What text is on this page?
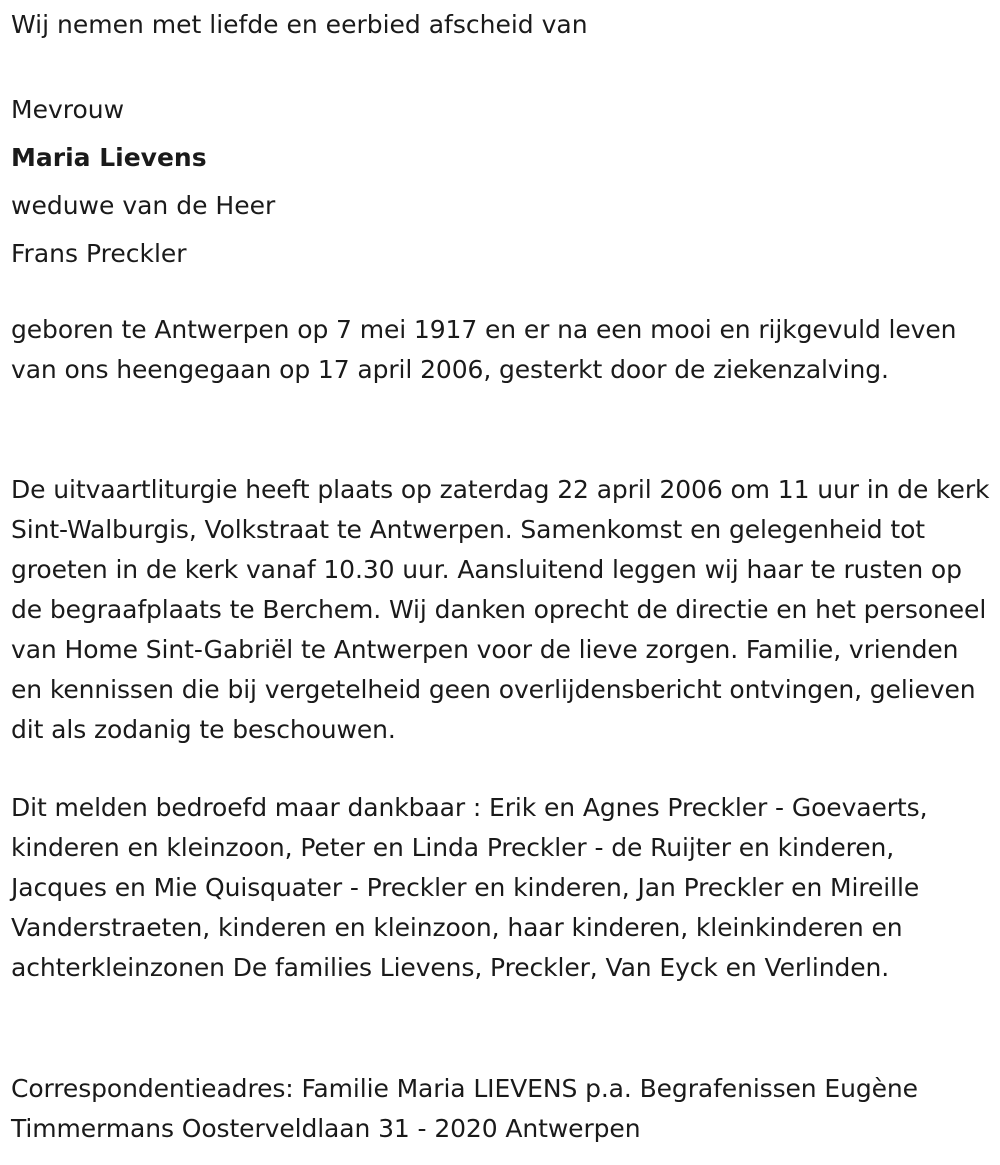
Wij nemen met liefde en eerbied afscheid van

Mevrouw

Maria Lievens

weduwe van de Heer

Frans Preckler

geboren te Antwerpen op 7 mei 1917 en er na een mooi en rijkgevuld leven van ons heengegaan op 17 april 2006, gesterkt door de ziekenzalving.

De uitvaartliturgie heeft plaats op zaterdag 22 april 2006 om 11 uur in de kerk Sint-Walburgis, Volkstraat te Antwerpen. Samenkomst en gelegenheid tot groeten in de kerk vanaf 10.30 uur. Aansluitend leggen wij haar te rusten op de begraafplaats te Berchem. Wij danken oprecht de directie en het personeel van Home Sint-Gabriël te Antwerpen voor de lieve zorgen. Familie, vrienden en kennissen die bij vergetelheid geen overlijdensbericht ontvingen, gelieven dit als zodanig te beschouwen.

Dit melden bedroefd maar dankbaar : Erik en Agnes Preckler - Goevaerts, kinderen en kleinzoon, Peter en Linda Preckler - de Ruijter en kinderen, Jacques en Mie Quisquater - Preckler en kinderen, Jan Preckler en Mireille Vanderstraeten, kinderen en kleinzoon, haar kinderen, kleinkinderen en achterkleinzonen De families Lievens, Preckler, Van Eyck en Verlinden.

Correspondentieadres: Familie Maria LIEVENS p.a. Begrafenissen Eugène Timmermans Oosterveldlaan 31 - 2020 Antwerpen
